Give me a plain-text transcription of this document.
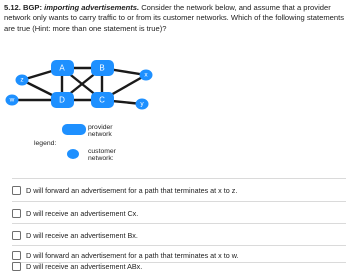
5.12. BGP: importing advertisements. Consider the network below, and assume that a provider network only wants to carry traffic to or from its customer networks. Which of the following statements are true (Hint: more than one statement is true)?
A	B
C
D
x
y
w
z
legend:
provider network
customer network:
D will forward an advertisement for a path that terminates at x to z.
D will receive an advertisement Cx.
D will receive an advertisement Bx.
D will forward an advertisement for a path that terminates at x to w.
D will receive an advertisement ABx.
